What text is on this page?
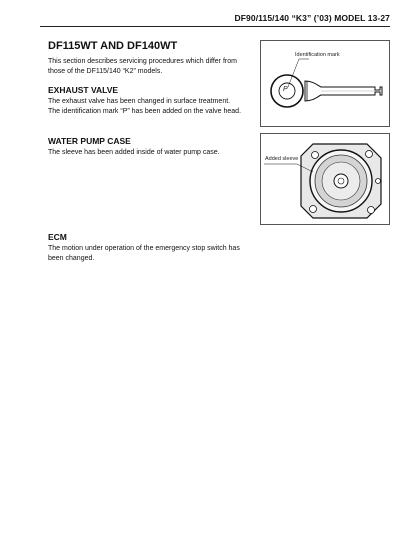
DF90/115/140 “K3” (’03) MODEL 13-27
DF115WT AND DF140WT
This section describes servicing procedures which differ from
those of the DF115/140 “K2” models.
EXHAUST VALVE
The exhaust valve has been changed in surface treatment.
The identification mark “P” has been added on the valve head.
WATER PUMP CASE
The sleeve has been added inside of water pump case.
ECM
The motion under operation of the emergency stop switch has
been changed.
Identification mark
P
Added sleeve
